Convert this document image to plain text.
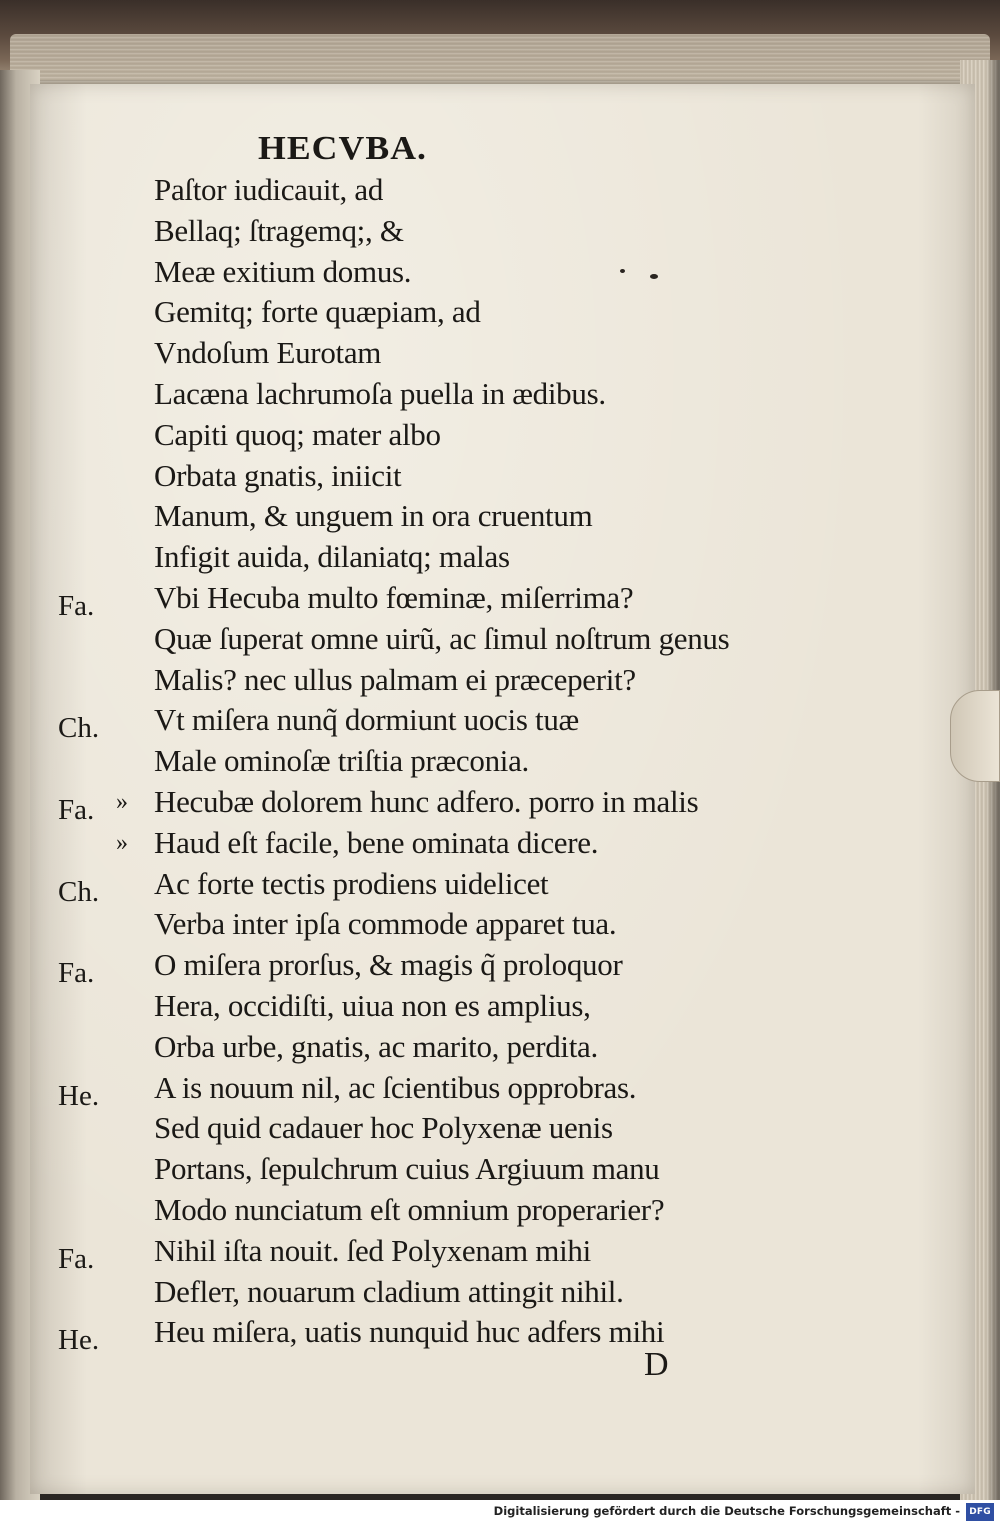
HECVBA.
Paſtor iudicauit, ad
Bellaq; ſtragemq;, &
Meæ exitium domus.
Gemitq; forte quæpiam, ad
Vndoſum Eurotam
Lacæna lachrumoſa puella in ædibus.
Capiti quoq; mater albo
Orbata gnatis, iniicit
Manum, & unguem in ora cruentum
Infigit auida, dilaniatq; malas
Fa. Vbi Hecuba multo fœminæ, miſerrima?
Quæ ſuperat omne uirũ, ac ſimul noſtrum genus
Malis? nec ullus palmam ei præceperit?
Ch. Vt miſera nunq̃ dormiunt uocis tuæ
Male ominoſæ triſtia præconia.
Fa. » Hecubæ dolorem hunc adfero. porro in malis
» Haud eſt facile, bene ominata dicere.
Ch. Ac forte tectis prodiens uidelicet
Verba inter ipſa commode apparet tua.
Fa. O miſera prorſus, & magis q̃ proloquor
Hera, occidiſti, uiua non es amplius,
Orba urbe, gnatis, ac marito, perdita.
He. A is nouum nil, ac ſcientibus opprobras.
Sed quid cadauer hoc Polyxenæ uenis
Portans, ſepulchrum cuius Argiuum manu
Modo nunciatum eſt omnium properarier?
Fa. Nihil iſta nouit. ſed Polyxenam mihi
Defleт, nouarum cladium attingit nihil.
He. Heu miſera, uatis nunquid huc adfers mihi
D
Digitalisierung gefördert durch die Deutsche Forschungsgemeinschaft -	DFG
